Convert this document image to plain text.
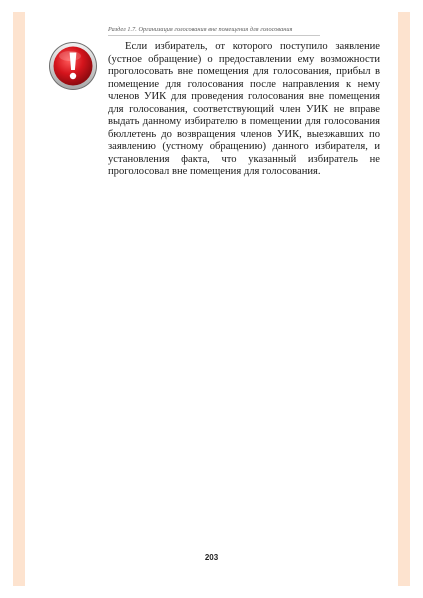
Раздел 1.7. Организация голосования вне помещения для голосования

Если избиратель, от которого поступило заявление (устное обращение) о предоставлении ему возможности проголосовать вне помещения для голосования, прибыл в помещение для голосования после направления к нему членов УИК для проведения голосования вне помещения для голосования, соответствующий член УИК не вправе выдать данному избирателю в помещении для голосования бюллетень до возвращения членов УИК, выезжавших по заявлению (устному обращению) данного избирателя, и установления факта, что указанный избиратель не проголосовал вне помещения для голосования.

203
